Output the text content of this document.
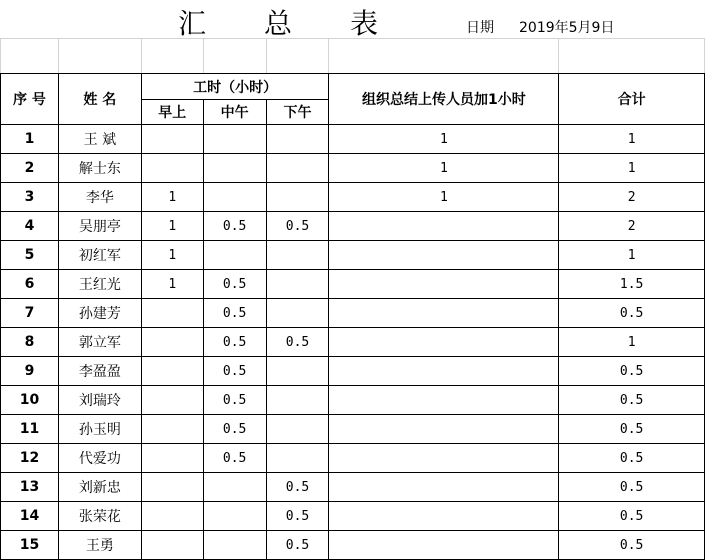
汇总表 日期 2019年5月9日

序 号	姓 名	工时（小时）			组织总结上传人员加1小时	合计
		早上	中午	下午		
1	王 斌				1	1
2	解士东				1	1
3	李华	1			1	2
4	吴朋亭	1	0.5	0.5		2
5	初红军	1				1
6	王红光	1	0.5			1.5
7	孙建芳		0.5			0.5
8	郭立军		0.5	0.5		1
9	李盈盈		0.5			0.5
10	刘瑞玲		0.5			0.5
11	孙玉明		0.5			0.5
12	代爱功		0.5			0.5
13	刘新忠			0.5		0.5
14	张荣花			0.5		0.5
15	王勇			0.5		0.5
